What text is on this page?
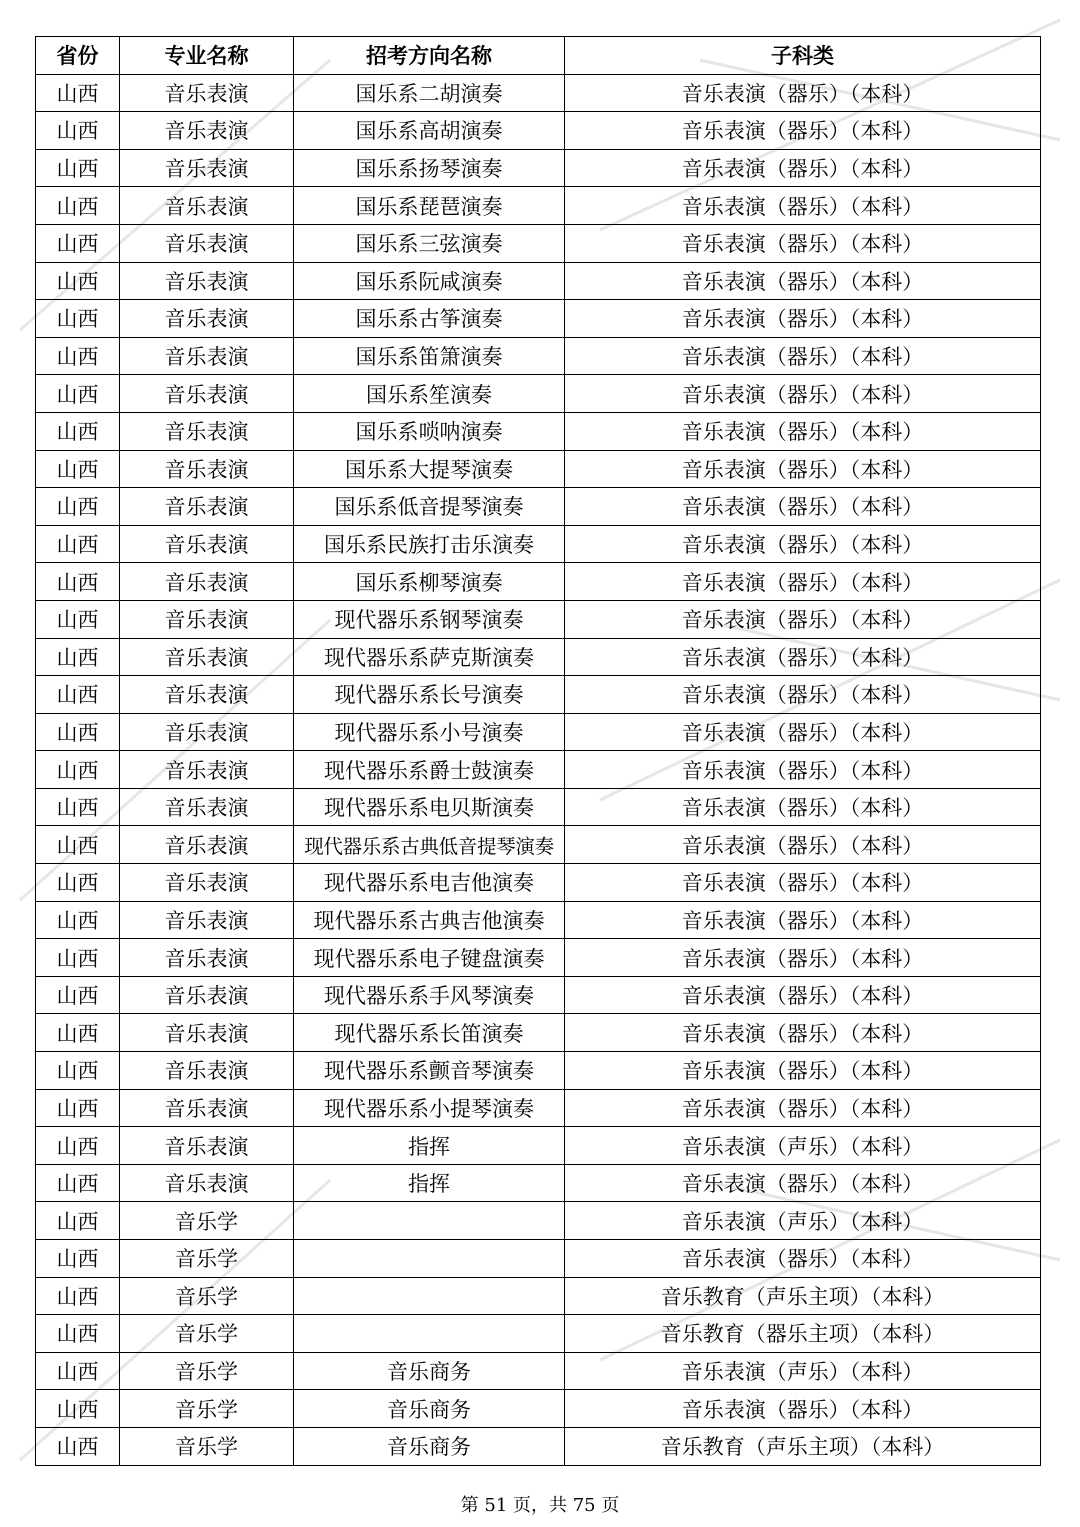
省份	专业名称	招考方向名称	子科类
山西	音乐表演	国乐系二胡演奏	音乐表演（器乐）（本科）
山西	音乐表演	国乐系高胡演奏	音乐表演（器乐）（本科）
山西	音乐表演	国乐系扬琴演奏	音乐表演（器乐）（本科）
山西	音乐表演	国乐系琵琶演奏	音乐表演（器乐）（本科）
山西	音乐表演	国乐系三弦演奏	音乐表演（器乐）（本科）
山西	音乐表演	国乐系阮咸演奏	音乐表演（器乐）（本科）
山西	音乐表演	国乐系古筝演奏	音乐表演（器乐）（本科）
山西	音乐表演	国乐系笛箫演奏	音乐表演（器乐）（本科）
山西	音乐表演	国乐系笙演奏	音乐表演（器乐）（本科）
山西	音乐表演	国乐系唢呐演奏	音乐表演（器乐）（本科）
山西	音乐表演	国乐系大提琴演奏	音乐表演（器乐）（本科）
山西	音乐表演	国乐系低音提琴演奏	音乐表演（器乐）（本科）
山西	音乐表演	国乐系民族打击乐演奏	音乐表演（器乐）（本科）
山西	音乐表演	国乐系柳琴演奏	音乐表演（器乐）（本科）
山西	音乐表演	现代器乐系钢琴演奏	音乐表演（器乐）（本科）
山西	音乐表演	现代器乐系萨克斯演奏	音乐表演（器乐）（本科）
山西	音乐表演	现代器乐系长号演奏	音乐表演（器乐）（本科）
山西	音乐表演	现代器乐系小号演奏	音乐表演（器乐）（本科）
山西	音乐表演	现代器乐系爵士鼓演奏	音乐表演（器乐）（本科）
山西	音乐表演	现代器乐系电贝斯演奏	音乐表演（器乐）（本科）
山西	音乐表演	现代器乐系古典低音提琴演奏	音乐表演（器乐）（本科）
山西	音乐表演	现代器乐系电吉他演奏	音乐表演（器乐）（本科）
山西	音乐表演	现代器乐系古典吉他演奏	音乐表演（器乐）（本科）
山西	音乐表演	现代器乐系电子键盘演奏	音乐表演（器乐）（本科）
山西	音乐表演	现代器乐系手风琴演奏	音乐表演（器乐）（本科）
山西	音乐表演	现代器乐系长笛演奏	音乐表演（器乐）（本科）
山西	音乐表演	现代器乐系颤音琴演奏	音乐表演（器乐）（本科）
山西	音乐表演	现代器乐系小提琴演奏	音乐表演（器乐）（本科）
山西	音乐表演	指挥	音乐表演（声乐）（本科）
山西	音乐表演	指挥	音乐表演（器乐）（本科）
山西	音乐学		音乐表演（声乐）（本科）
山西	音乐学		音乐表演（器乐）（本科）
山西	音乐学		音乐教育（声乐主项）（本科）
山西	音乐学		音乐教育（器乐主项）（本科）
山西	音乐学	音乐商务	音乐表演（声乐）（本科）
山西	音乐学	音乐商务	音乐表演（器乐）（本科）
山西	音乐学	音乐商务	音乐教育（声乐主项）（本科）
第 51 页，共 75 页
